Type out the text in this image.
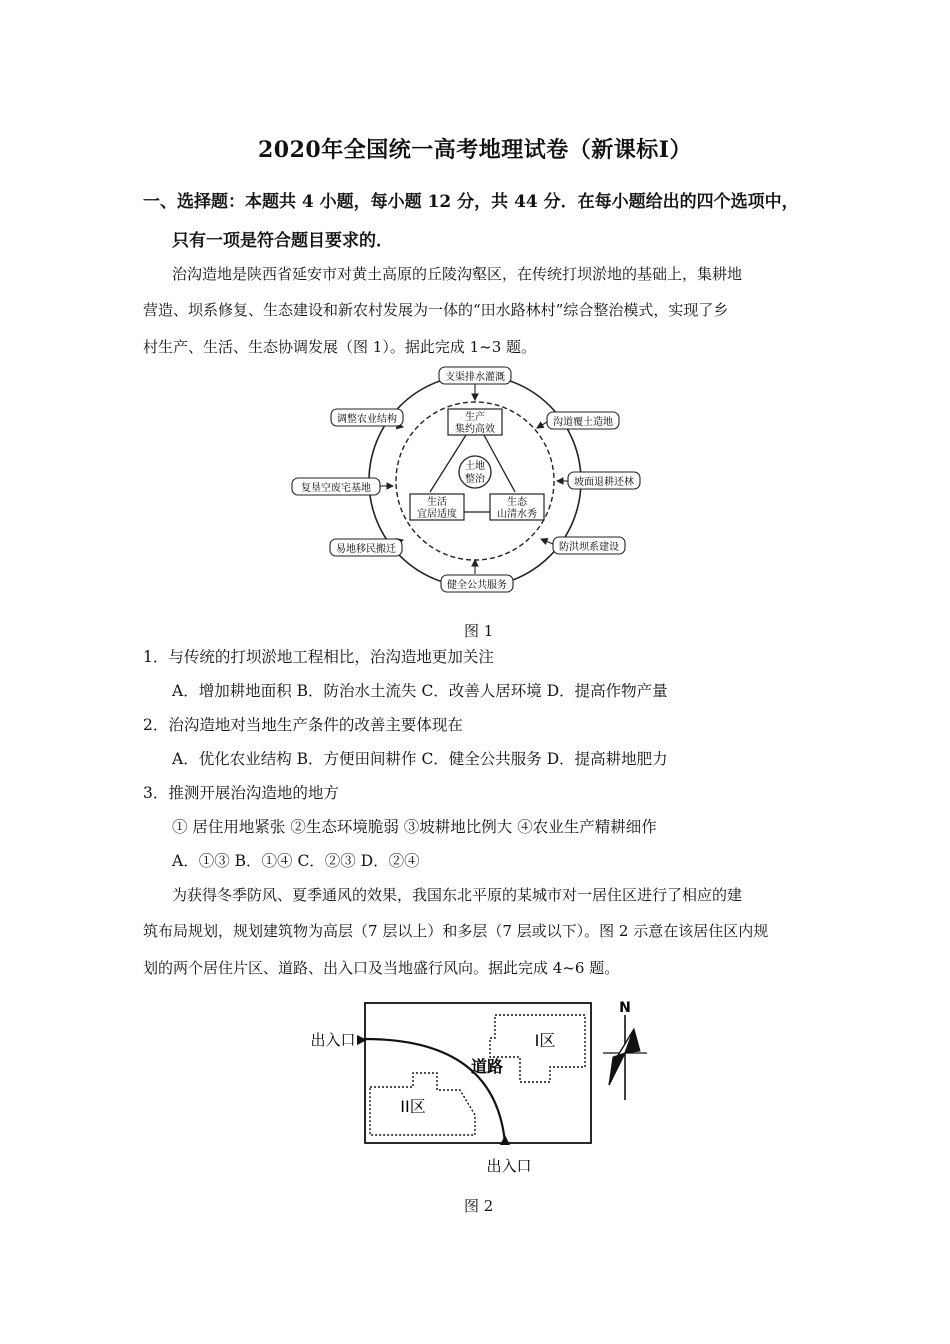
2020年全国统一高考地理试卷（新课标Ⅰ）
一、选择题：本题共 4 小题，每小题 12 分，共 44 分．在每小题给出的四个选项中，
只有一项是符合题目要求的．
治沟造地是陕西省延安市对黄土高原的丘陵沟壑区，在传统打坝淤地的基础上，集耕地
营造、坝系修复、生态建设和新农村发展为一体的“田水路林村”综合整治模式，实现了乡
村生产、生活、生态协调发展（图 1）。据此完成 1~3 题。
土地
整治
生产
集约高效
生活
宜居适度
生态
山清水秀
支渠排水灌溉
调整农业结构	沟道覆土造地
复垦空废宅基地
坡面退耕还林
易地移民搬迁	防洪坝系建设
健全公共服务
图 1
1．与传统的打坝淤地工程相比，治沟造地更加关注
A．增加耕地面积 B．防治水土流失 C．改善人居环境 D．提高作物产量
2．治沟造地对当地生产条件的改善主要体现在
A．优化农业结构 B．方便田间耕作 C．健全公共服务 D．提高耕地肥力
3．推测开展治沟造地的地方
① 居住用地紧张 ②生态环境脆弱 ③坡耕地比例大 ④农业生产精耕细作
A．①③ B．①④ C．②③ D．②④
为获得冬季防风、夏季通风的效果，我国东北平原的某城市对一居住区进行了相应的建
筑布局规划，规划建筑物为高层（7 层以上）和多层（7 层或以下）。图 2 示意在该居住区内规
划的两个居住片区、道路、出入口及当地盛行风向。据此完成 4~6 题。
出入口
出入口
道路
I区
II区
N
图 2
